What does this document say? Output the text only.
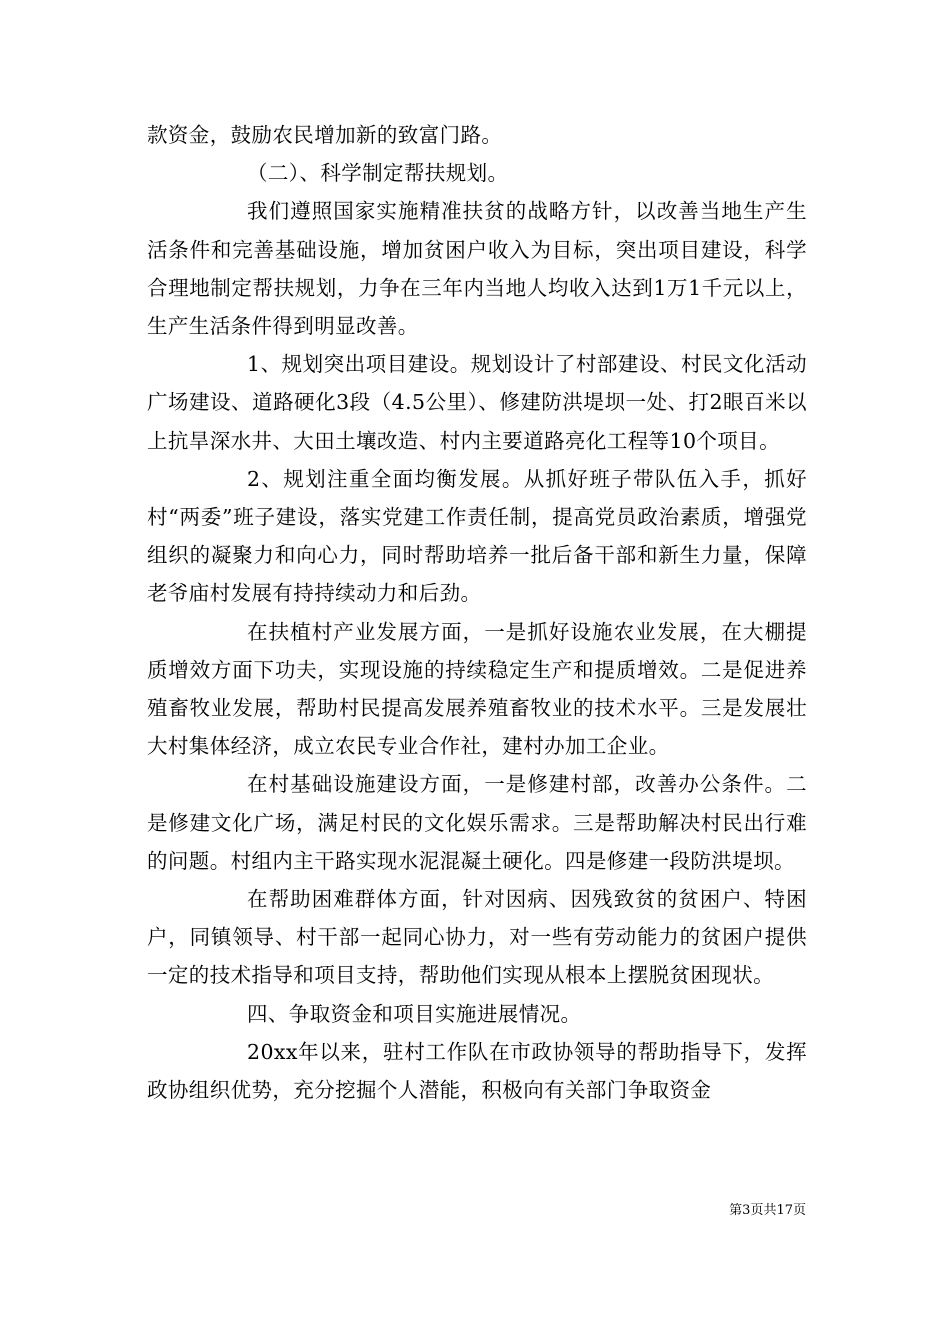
款资金，鼓励农民增加新的致富门路。

（二）、科学制定帮扶规划。

我们遵照国家实施精准扶贫的战略方针，以改善当地生产生活条件和完善基础设施，增加贫困户收入为目标，突出项目建设，科学合理地制定帮扶规划，力争在三年内当地人均收入达到1万1千元以上，生产生活条件得到明显改善。

1、规划突出项目建设。规划设计了村部建设、村民文化活动广场建设、道路硬化3段（4.5公里）、修建防洪堤坝一处、打2眼百米以上抗旱深水井、大田土壤改造、村内主要道路亮化工程等10个项目。

2、规划注重全面均衡发展。从抓好班子带队伍入手，抓好村“两委”班子建设，落实党建工作责任制，提高党员政治素质，增强党组织的凝聚力和向心力，同时帮助培养一批后备干部和新生力量，保障老爷庙村发展有持持续动力和后劲。

在扶植村产业发展方面，一是抓好设施农业发展，在大棚提质增效方面下功夫，实现设施的持续稳定生产和提质增效。二是促进养殖畜牧业发展，帮助村民提高发展养殖畜牧业的技术水平。三是发展壮大村集体经济，成立农民专业合作社，建村办加工企业。

在村基础设施建设方面，一是修建村部，改善办公条件。二是修建文化广场，满足村民的文化娱乐需求。三是帮助解决村民出行难的问题。村组内主干路实现水泥混凝土硬化。四是修建一段防洪堤坝。

在帮助困难群体方面，针对因病、因残致贫的贫困户、特困户，同镇领导、村干部一起同心协力，对一些有劳动能力的贫困户提供一定的技术指导和项目支持，帮助他们实现从根本上摆脱贫困现状。

四、争取资金和项目实施进展情况。

20xx年以来，驻村工作队在市政协领导的帮助指导下，发挥政协组织优势，充分挖掘个人潜能，积极向有关部门争取资金

第3页共17页
